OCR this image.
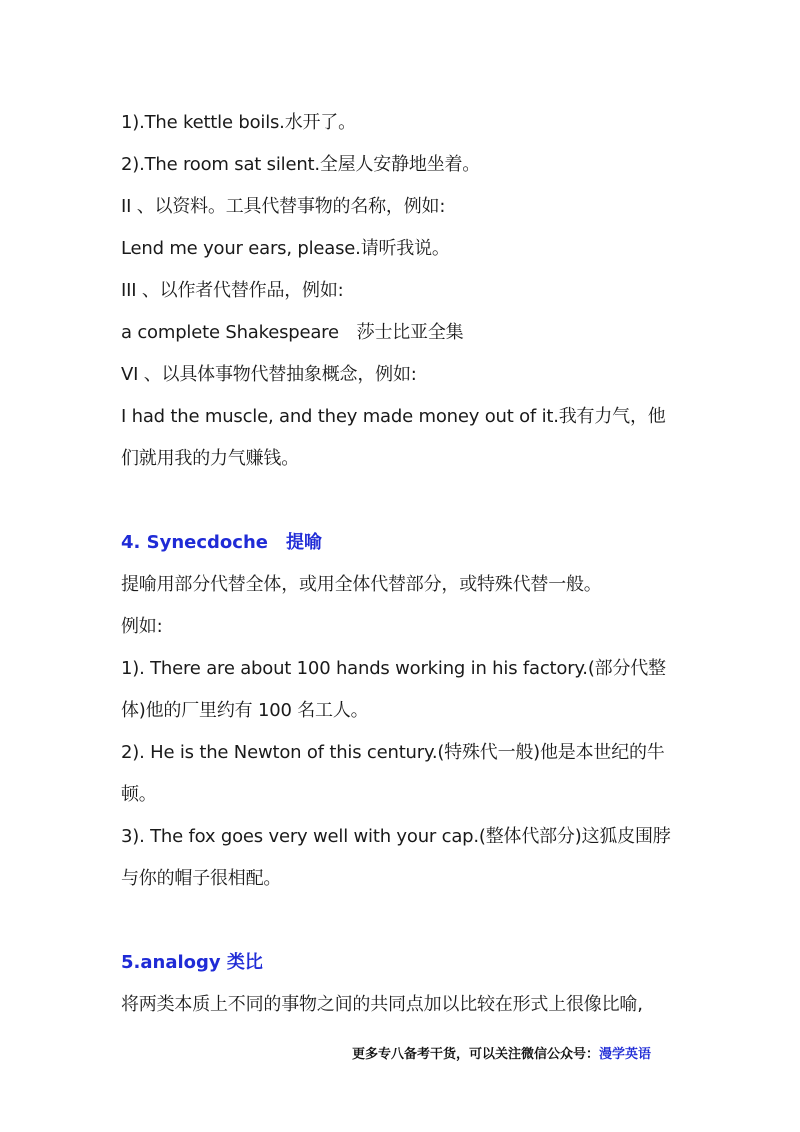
1).The kettle boils.水开了。
2).The room sat silent.全屋人安静地坐着。
II 、以资料。工具代替事物的名称，例如:
Lend me your ears, please.请听我说。
III 、以作者代替作品，例如:
a complete Shakespeare　莎士比亚全集
VI 、以具体事物代替抽象概念，例如:
I had the muscle, and they made money out of it.我有力气，他
们就用我的力气赚钱。
4. Synecdoche　提喻
提喻用部分代替全体，或用全体代替部分，或特殊代替一般。
例如:
1). There are about 100 hands working in his factory.(部分代整
体)他的厂里约有 100 名工人。
2). He is the Newton of this century.(特殊代一般)他是本世纪的牛
顿。
3). The fox goes very well with your cap.(整体代部分)这狐皮围脖
与你的帽子很相配。
5.analogy 类比
将两类本质上不同的事物之间的共同点加以比较在形式上很像比喻,
更多专八备考干货，可以关注微信公众号：漫学英语
